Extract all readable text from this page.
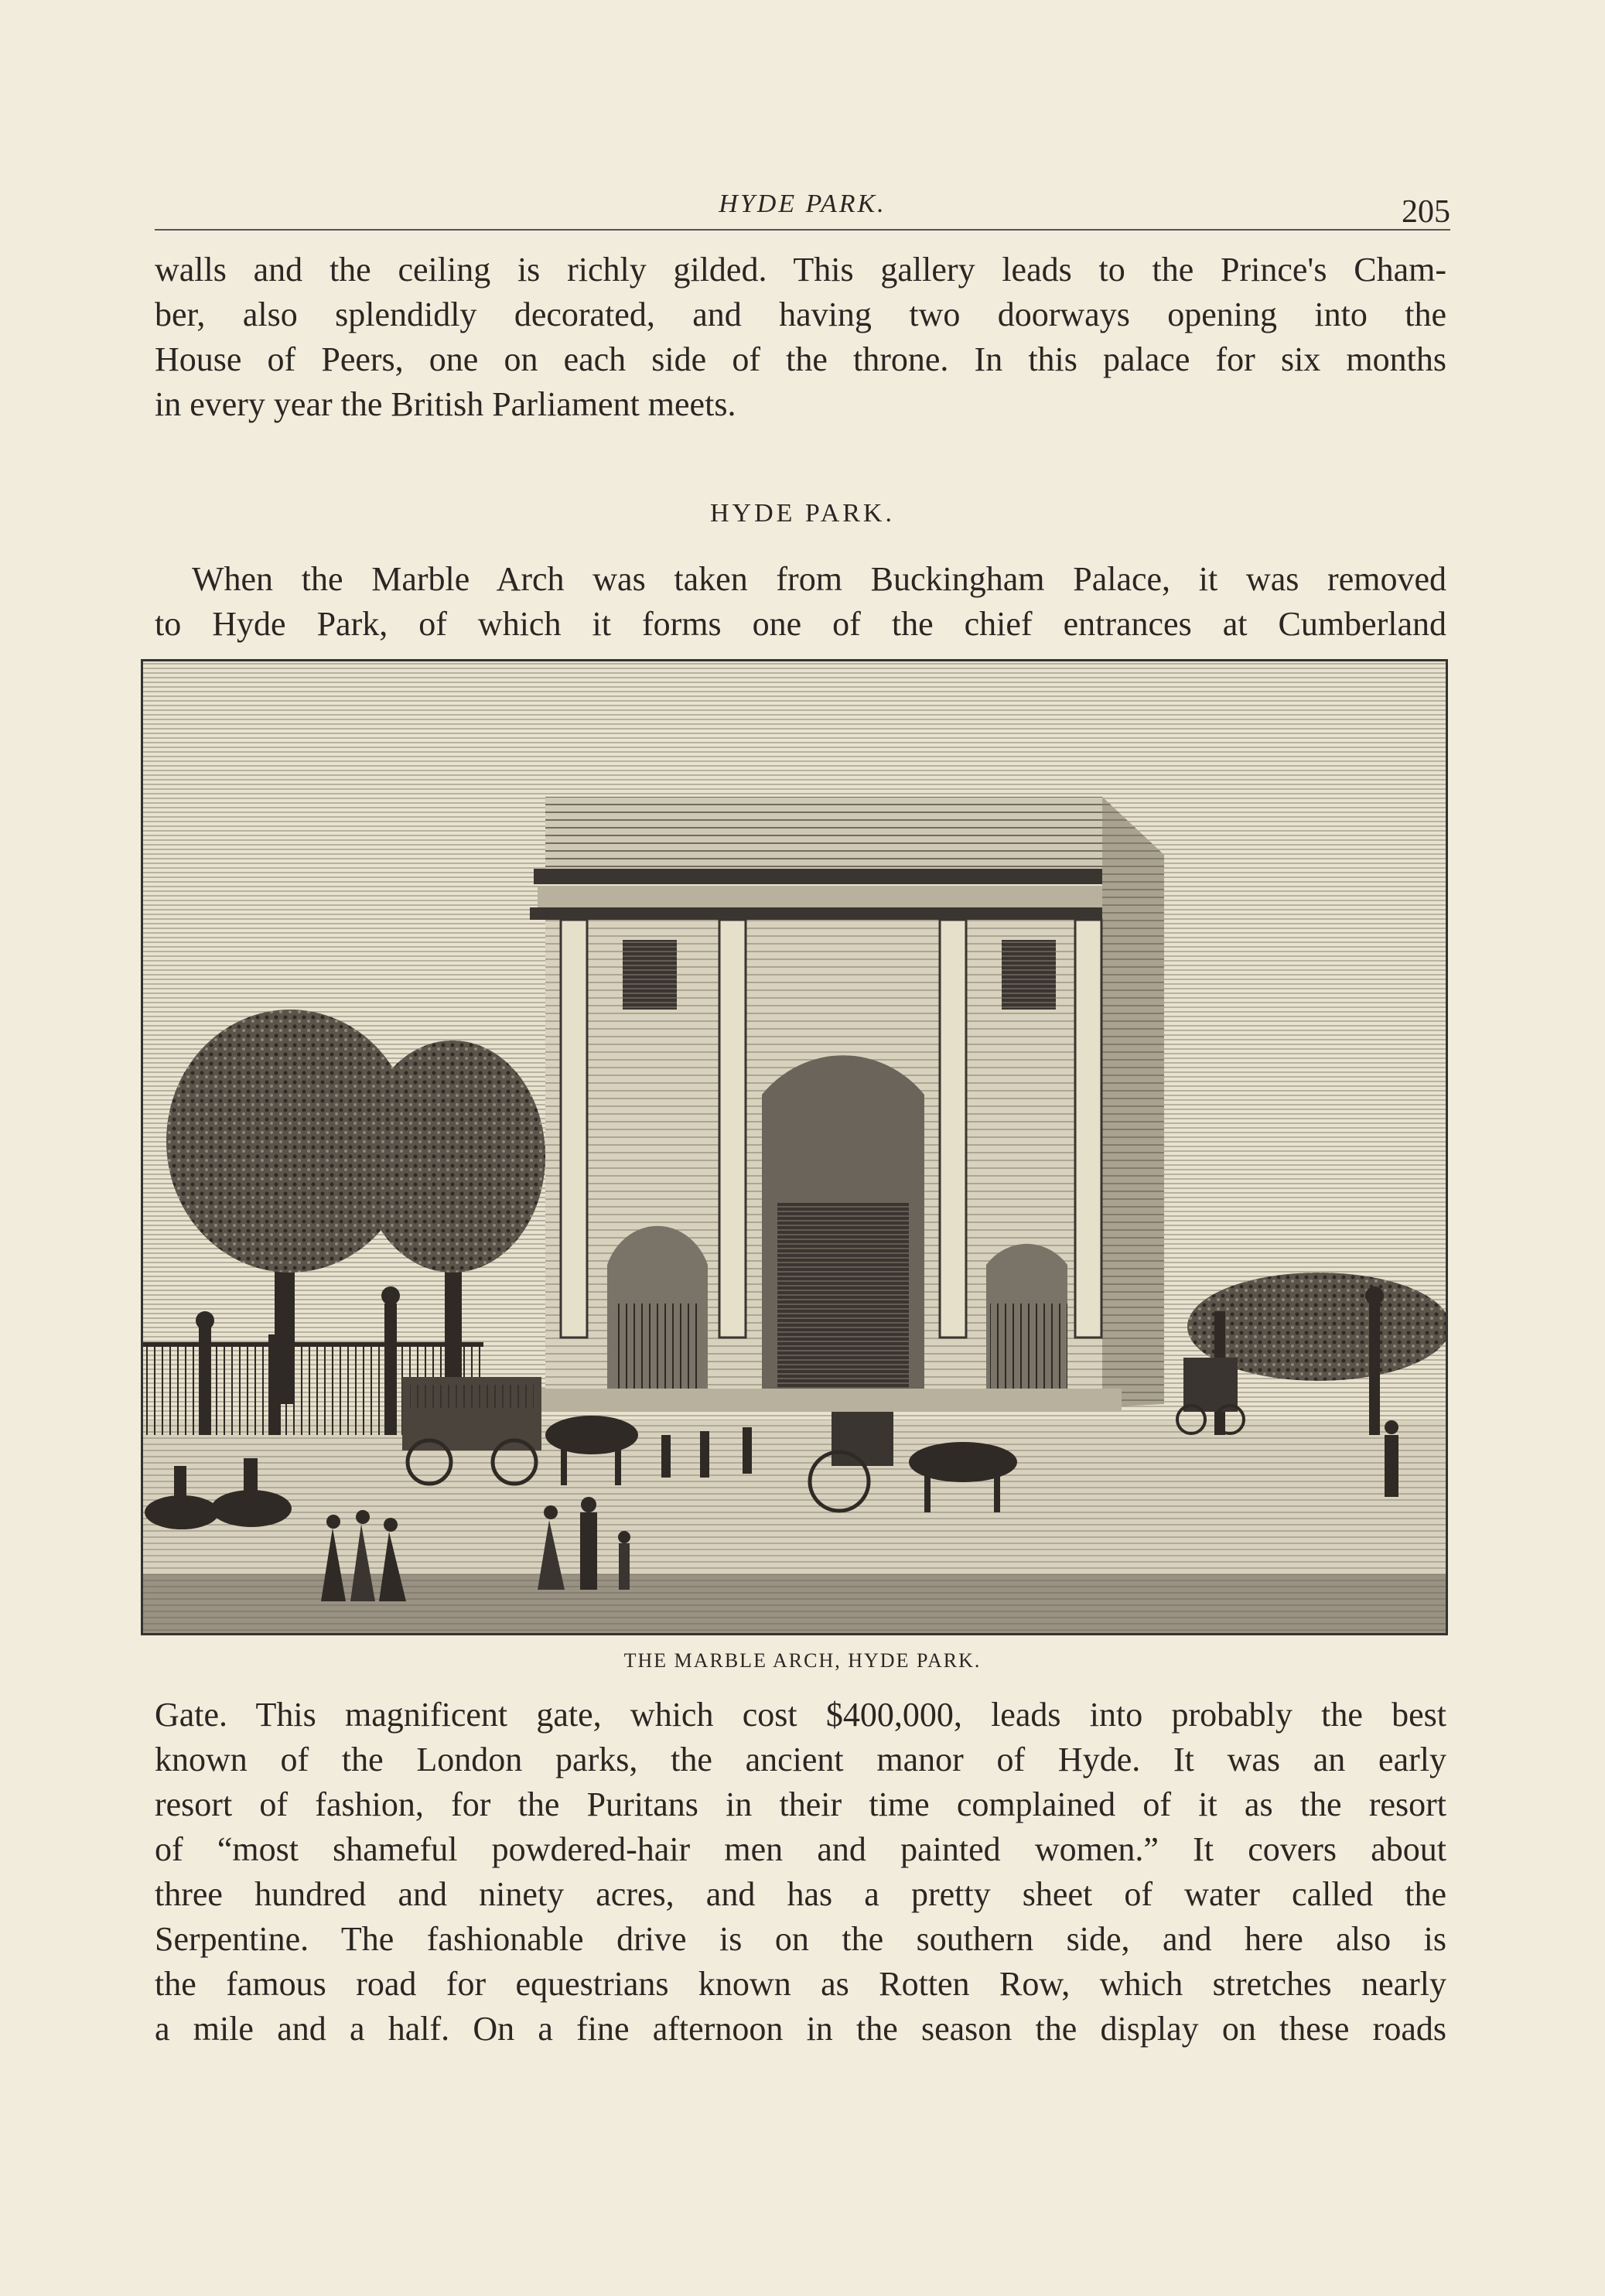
HYDE PARK.	205
walls and the ceiling is richly gilded. This gallery leads to the Prince's Cham-
ber, also splendidly decorated, and having two doorways opening into the
House of Peers, one on each side of the throne. In this palace for six months
in every year the British Parliament meets.
HYDE PARK.
When the Marble Arch was taken from Buckingham Palace, it was removed
to Hyde Park, of which it forms one of the chief entrances at Cumberland
THE MARBLE ARCH, HYDE PARK.
Gate. This magnificent gate, which cost $400,000, leads into probably the best
known of the London parks, the ancient manor of Hyde. It was an early
resort of fashion, for the Puritans in their time complained of it as the resort
of “most shameful powdered-hair men and painted women.” It covers about
three hundred and ninety acres, and has a pretty sheet of water called the
Serpentine. The fashionable drive is on the southern side, and here also is
the famous road for equestrians known as Rotten Row, which stretches nearly
a mile and a half. On a fine afternoon in the season the display on these roads
